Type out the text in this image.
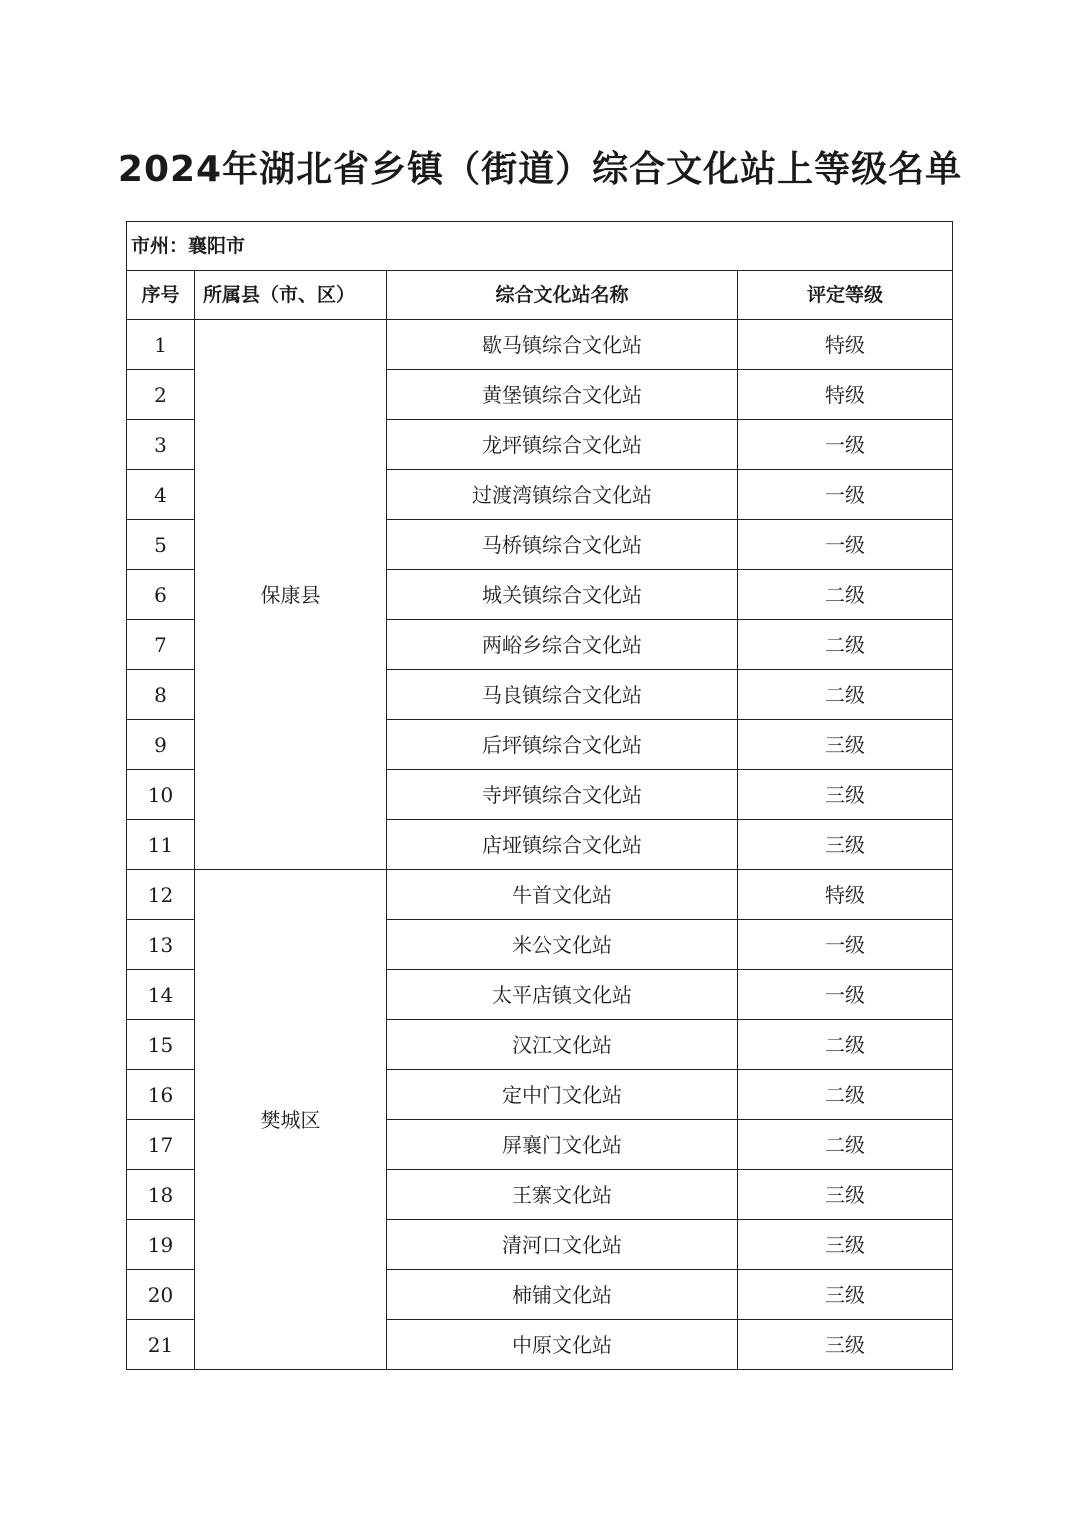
2024年湖北省乡镇（街道）综合文化站上等级名单
市州：襄阳市			
序号	所属县（市、区）	综合文化站名称	评定等级
1	保康县	歇马镇综合文化站	特级
2		黄堡镇综合文化站	特级
3		龙坪镇综合文化站	一级
4		过渡湾镇综合文化站	一级
5		马桥镇综合文化站	一级
6		城关镇综合文化站	二级
7		两峪乡综合文化站	二级
8		马良镇综合文化站	二级
9		后坪镇综合文化站	三级
10		寺坪镇综合文化站	三级
11		店垭镇综合文化站	三级
12	樊城区	牛首文化站	特级
13		米公文化站	一级
14		太平店镇文化站	一级
15		汉江文化站	二级
16		定中门文化站	二级
17		屏襄门文化站	二级
18		王寨文化站	三级
19		清河口文化站	三级
20		柿铺文化站	三级
21		中原文化站	三级
